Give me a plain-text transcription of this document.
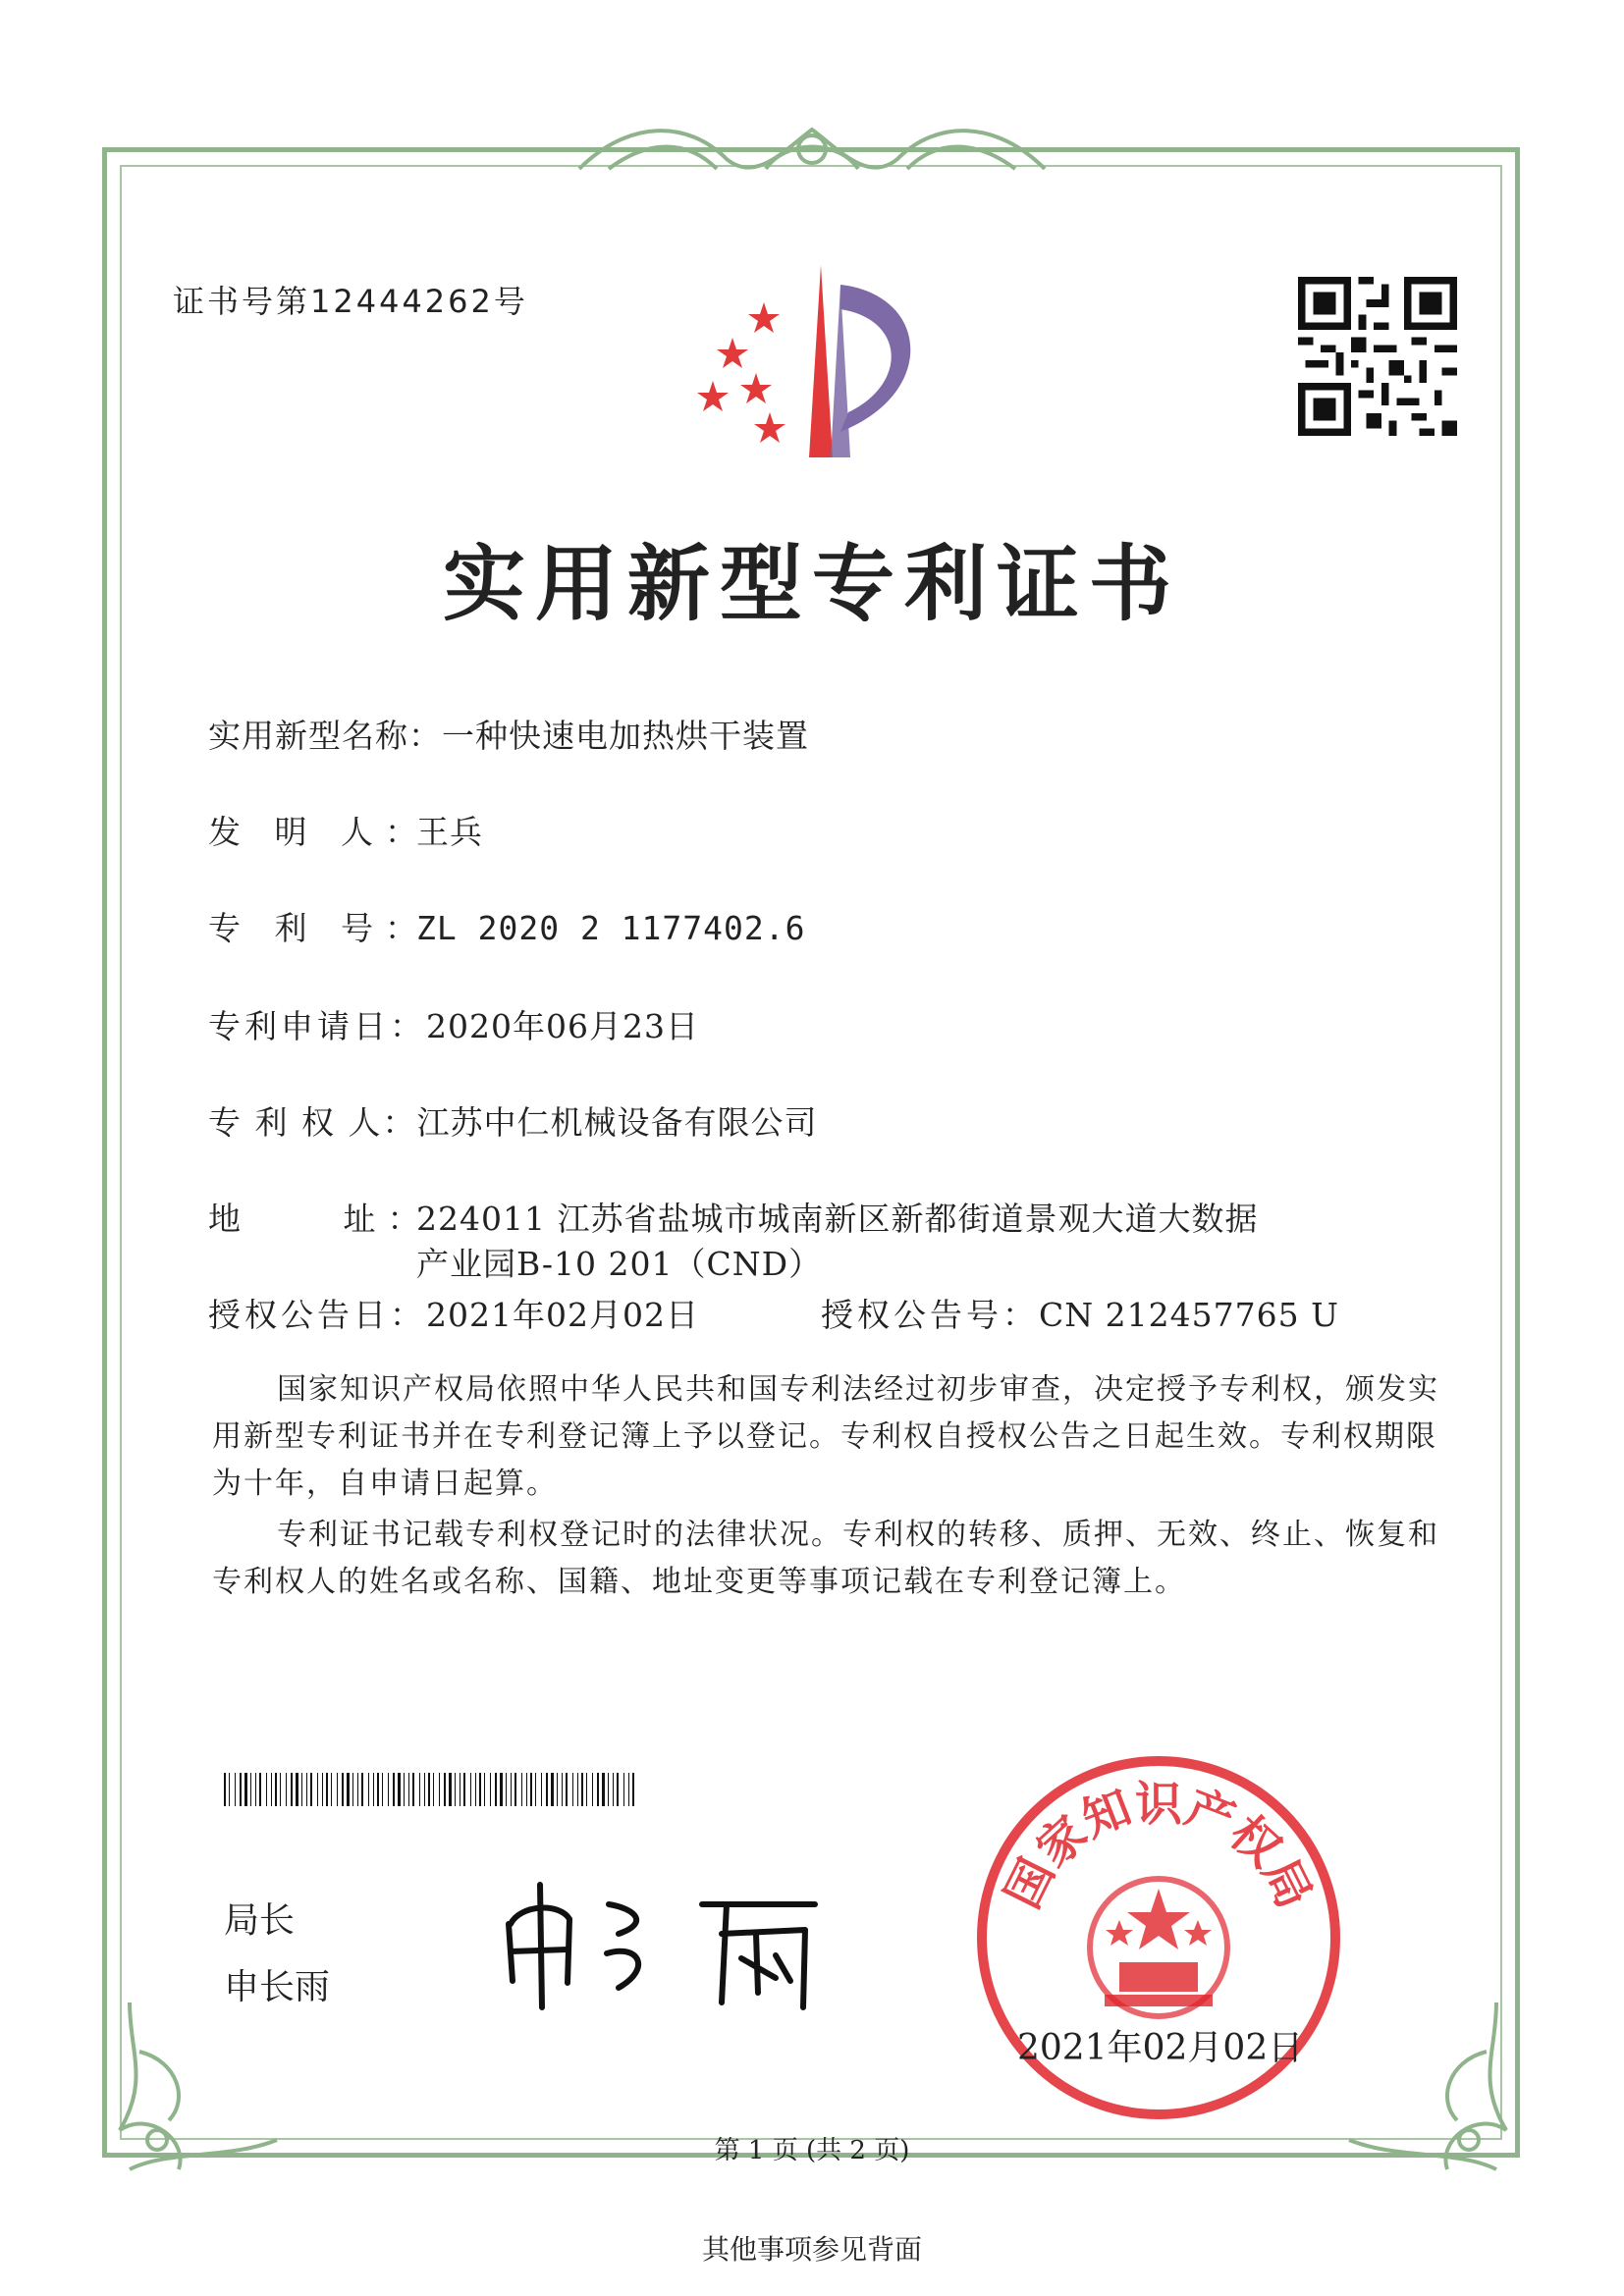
证书号第12444262号
实用新型专利证书
实用新型名称：一种快速电加热烘干装置
发 明 人：王兵
专 利 号：ZL 2020 2 1177402.6
专利申请日：2020年06月23日
专 利 权 人：江苏中仁机械设备有限公司
地 址：224011 江苏省盐城市城南新区新都街道景观大道大数据
产业园B-10 201（CND）
授权公告日：2021年02月02日	授权公告号：CN 212457765 U
国家知识产权局依照中华人民共和国专利法经过初步审查，决定授予专利权，颁发实用新型专利证书并在专利登记簿上予以登记。专利权自授权公告之日起生效。专利权期限为十年，自申请日起算。
专利证书记载专利权登记时的法律状况。专利权的转移、质押、无效、终止、恢复和专利权人的姓名或名称、国籍、地址变更等事项记载在专利登记簿上。
局长
申长雨
国家知识产权局
2021年02月02日
第 1 页 (共 2 页)
其他事项参见背面
